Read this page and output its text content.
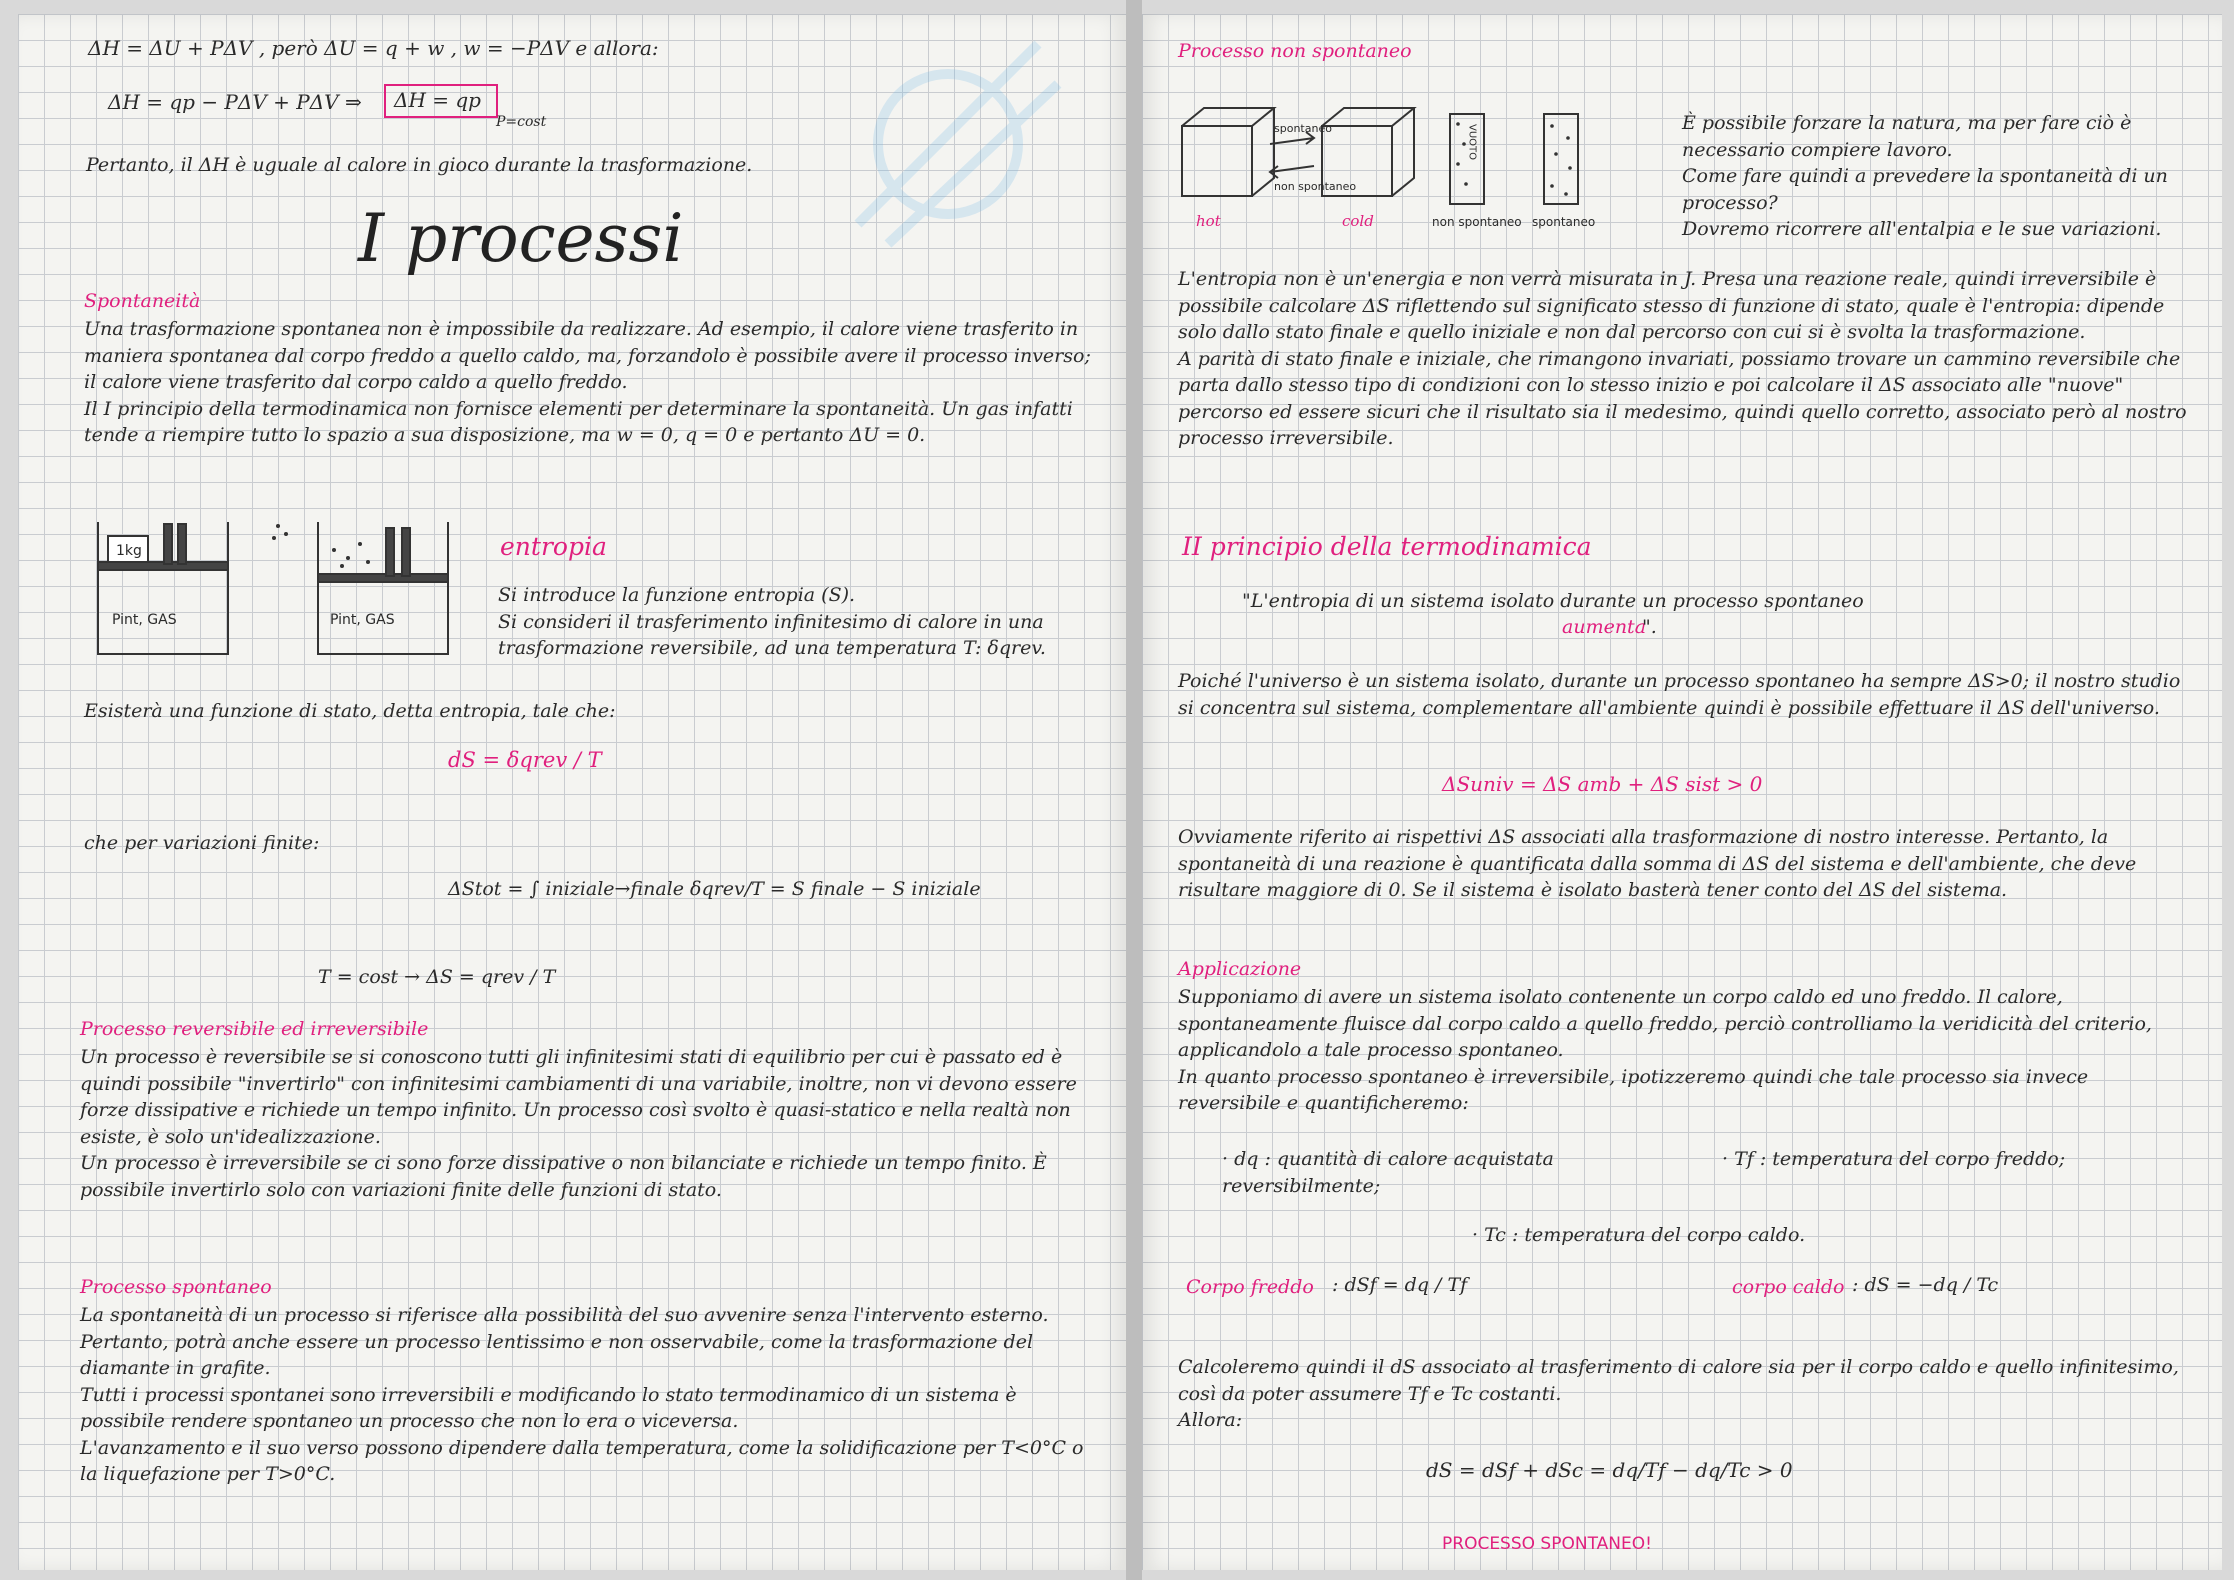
ΔH = ΔU + PΔV , però ΔU = q + w , w = −PΔV e allora:
ΔH = qp − PΔV + PΔV ⇒ ΔH = qp
P=cost
Pertanto, il ΔH è uguale al calore in gioco durante la trasformazione.
I processi
Spontaneità
Una trasformazione spontanea non è impossibile da realizzare. Ad esempio, il calore viene trasferito in maniera spontanea dal corpo freddo a quello caldo, ma, forzandolo è possibile avere il processo inverso; il calore viene trasferito dal corpo caldo a quello freddo.
Il I principio della termodinamica non fornisce elementi per determinare la spontaneità. Un gas infatti tende a riempire tutto lo spazio a sua disposizione, ma w = 0, q = 0 e pertanto ΔU = 0.
1kg
Pint, GAS	Pint, GAS
entropia
Si introduce la funzione entropia (S).
Si consideri il trasferimento infinitesimo di calore in una trasformazione reversibile, ad una temperatura T: δqrev.
Esisterà una funzione di stato, detta entropia, tale che:
dS = δqrev / T
che per variazioni finite:
ΔStot = ∫ iniziale→finale δqrev/T = S finale − S iniziale
T = cost → ΔS = qrev / T
Processo reversibile ed irreversibile
Un processo è reversibile se si conoscono tutti gli infinitesimi stati di equilibrio per cui è passato ed è quindi possibile "invertirlo" con infinitesimi cambiamenti di una variabile, inoltre, non vi devono essere forze dissipative e richiede un tempo infinito. Un processo così svolto è quasi-statico e nella realtà non esiste, è solo un'idealizzazione.
Un processo è irreversibile se ci sono forze dissipative o non bilanciate e richiede un tempo finito. È possibile invertirlo solo con variazioni finite delle funzioni di stato.
Processo spontaneo
La spontaneità di un processo si riferisce alla possibilità del suo avvenire senza l'intervento esterno.
Pertanto, potrà anche essere un processo lentissimo e non osservabile, come la trasformazione del diamante in grafite.
Tutti i processi spontanei sono irreversibili e modificando lo stato termodinamico di un sistema è possibile rendere spontaneo un processo che non lo era o viceversa.
L'avanzamento e il suo verso possono dipendere dalla temperatura, come la solidificazione per T<0°C o la liquefazione per T>0°C.
Processo non spontaneo
spontaneo
non spontaneo
VUOTO
hot	cold	non spontaneo spontaneo
È possibile forzare la natura, ma per fare ciò è necessario compiere lavoro.
Come fare quindi a prevedere la spontaneità di un processo?
Dovremo ricorrere all'entalpia e le sue variazioni.
L'entropia non è un'energia e non verrà misurata in J. Presa una reazione reale, quindi irreversibile è possibile calcolare ΔS riflettendo sul significato stesso di funzione di stato, quale è l'entropia: dipende solo dallo stato finale e quello iniziale e non dal percorso con cui si è svolta la trasformazione.
A parità di stato finale e iniziale, che rimangono invariati, possiamo trovare un cammino reversibile che parta dallo stesso tipo di condizioni con lo stesso inizio e poi calcolare il ΔS associato alle "nuove" percorso ed essere sicuri che il risultato sia il medesimo, quindi quello corretto, associato però al nostro processo irreversibile.
II principio della termodinamica
"L'entropia di un sistema isolato durante un processo spontaneo
aumenta
".
Poiché l'universo è un sistema isolato, durante un processo spontaneo ha sempre ΔS>0; il nostro studio si concentra sul sistema, complementare all'ambiente quindi è possibile effettuare il ΔS dell'universo.
ΔSuniv = ΔS amb + ΔS sist > 0
Ovviamente riferito ai rispettivi ΔS associati alla trasformazione di nostro interesse. Pertanto, la spontaneità di una reazione è quantificata dalla somma di ΔS del sistema e dell'ambiente, che deve risultare maggiore di 0. Se il sistema è isolato basterà tener conto del ΔS del sistema.
Applicazione
Supponiamo di avere un sistema isolato contenente un corpo caldo ed uno freddo. Il calore, spontaneamente fluisce dal corpo caldo a quello freddo, perciò controlliamo la veridicità del criterio, applicandolo a tale processo spontaneo.
In quanto processo spontaneo è irreversibile, ipotizzeremo quindi che tale processo sia invece reversibile e quantificheremo:
· dq : quantità di calore acquistata reversibilmente;
· Tf : temperatura del corpo freddo;
· Tc : temperatura del corpo caldo.
Corpo freddo : dSf = dq / Tf	corpo caldo : dS = −dq / Tc
Calcoleremo quindi il dS associato al trasferimento di calore sia per il corpo caldo e quello infinitesimo, così da poter assumere Tf e Tc costanti.
Allora:
dS = dSf + dSc = dq/Tf − dq/Tc > 0
PROCESSO SPONTANEO!
